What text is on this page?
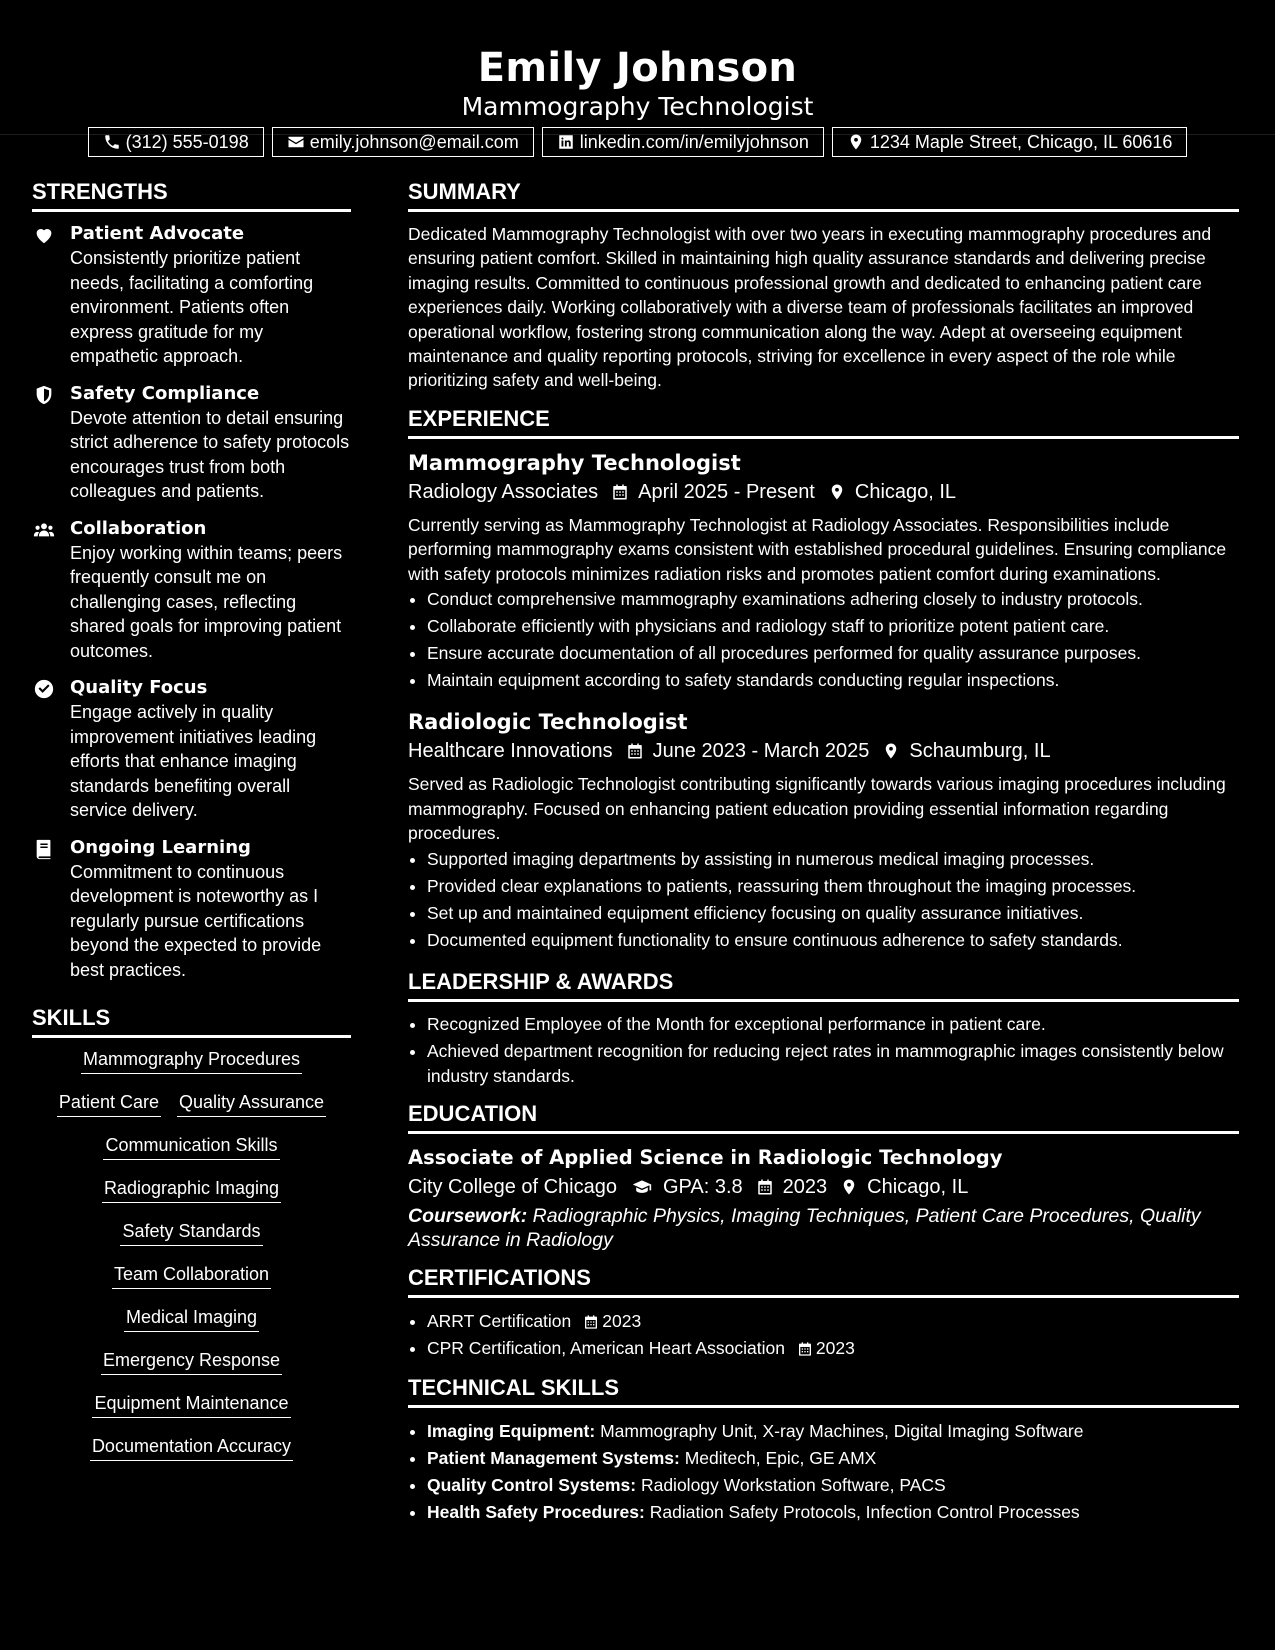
Emily Johnson
Mammography Technologist
(312) 555-0198	emily.johnson@email.com	linkedin.com/in/emilyjohnson	1234 Maple Street, Chicago, IL 60616
STRENGTHS
Patient Advocate
Consistently prioritize patient needs, facilitating a comforting environment. Patients often express gratitude for my empathetic approach.
Safety Compliance
Devote attention to detail ensuring strict adherence to safety protocols encourages trust from both colleagues and patients.
Collaboration
Enjoy working within teams; peers frequently consult me on challenging cases, reflecting shared goals for improving patient outcomes.
Quality Focus
Engage actively in quality improvement initiatives leading efforts that enhance imaging standards benefiting overall service delivery.
Ongoing Learning
Commitment to continuous development is noteworthy as I regularly pursue certifications beyond the expected to provide best practices.
SKILLS
Mammography Procedures
Patient Care Quality Assurance
Communication Skills
Radiographic Imaging
Safety Standards
Team Collaboration
Medical Imaging
Emergency Response
Equipment Maintenance
Documentation Accuracy
SUMMARY
Dedicated Mammography Technologist with over two years in executing mammography procedures and ensuring patient comfort. Skilled in maintaining high quality assurance standards and delivering precise imaging results. Committed to continuous professional growth and dedicated to enhancing patient care experiences daily. Working collaboratively with a diverse team of professionals facilitates an improved operational workflow, fostering strong communication along the way. Adept at overseeing equipment maintenance and quality reporting protocols, striving for excellence in every aspect of the role while prioritizing safety and well-being.
EXPERIENCE
Mammography Technologist
Radiology Associates April 2025 - Present Chicago, IL
Currently serving as Mammography Technologist at Radiology Associates. Responsibilities include performing mammography exams consistent with established procedural guidelines. Ensuring compliance with safety protocols minimizes radiation risks and promotes patient comfort during examinations.
• Conduct comprehensive mammography examinations adhering closely to industry protocols.
• Collaborate efficiently with physicians and radiology staff to prioritize potent patient care.
• Ensure accurate documentation of all procedures performed for quality assurance purposes.
• Maintain equipment according to safety standards conducting regular inspections.
Radiologic Technologist
Healthcare Innovations June 2023 - March 2025 Schaumburg, IL
Served as Radiologic Technologist contributing significantly towards various imaging procedures including mammography. Focused on enhancing patient education providing essential information regarding procedures.
• Supported imaging departments by assisting in numerous medical imaging processes.
• Provided clear explanations to patients, reassuring them throughout the imaging processes.
• Set up and maintained equipment efficiency focusing on quality assurance initiatives.
• Documented equipment functionality to ensure continuous adherence to safety standards.
LEADERSHIP & AWARDS
• Recognized Employee of the Month for exceptional performance in patient care.
• Achieved department recognition for reducing reject rates in mammographic images consistently below industry standards.
EDUCATION
Associate of Applied Science in Radiologic Technology
City College of Chicago GPA: 3.8 2023 Chicago, IL
Coursework: Radiographic Physics, Imaging Techniques, Patient Care Procedures, Quality Assurance in Radiology
CERTIFICATIONS
• ARRT Certification 2023
• CPR Certification, American Heart Association 2023
TECHNICAL SKILLS
• Imaging Equipment: Mammography Unit, X-ray Machines, Digital Imaging Software
• Patient Management Systems: Meditech, Epic, GE AMX
• Quality Control Systems: Radiology Workstation Software, PACS
• Health Safety Procedures: Radiation Safety Protocols, Infection Control Processes
